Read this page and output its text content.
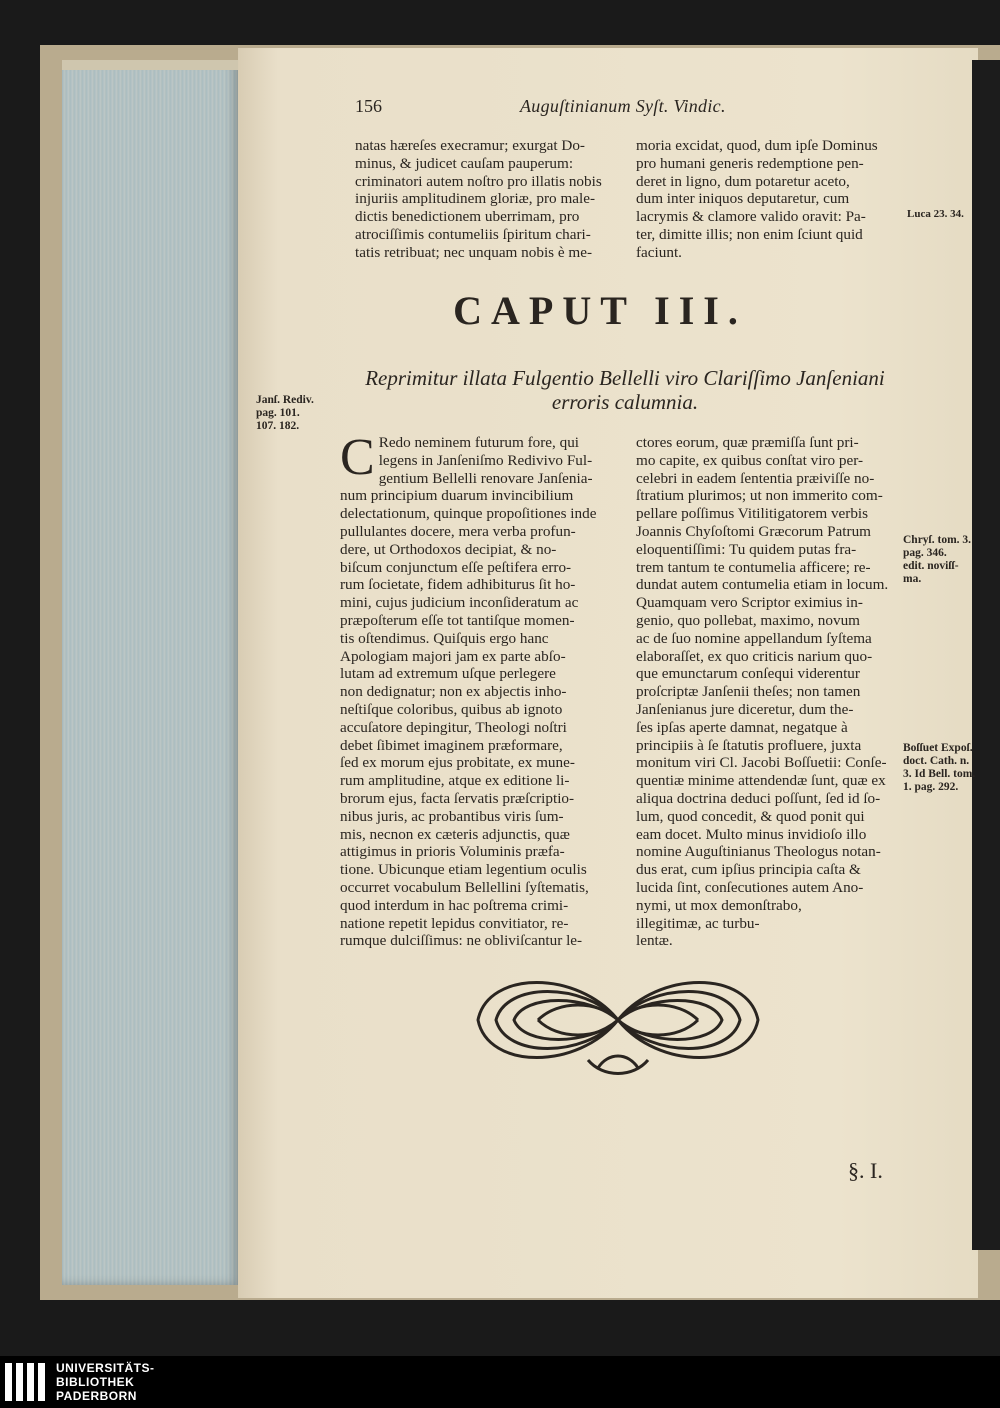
156	Auguſtinianum Syſt. Vindic.
natas hæreſes execramur; exurgat Do-
minus, & judicet cauſam pauperum:
criminatori autem noſtro pro illatis nobis
injuriis amplitudinem gloriæ, pro male-
dictis benedictionem uberrimam, pro
atrociſſimis contumeliis ſpiritum chari-
tatis retribuat; nec unquam nobis è me-
moria excidat, quod, dum ipſe Dominus
pro humani generis redemptione pen-
deret in ligno, dum potaretur aceto,
dum inter iniquos deputaretur, cum
lacrymis & clamore valido oravit: Pa-
ter, dimitte illis; non enim ſciunt quid
faciunt.
Luca 23. 34.
CAPUT III.
Reprimitur illata Fulgentio Bellelli viro Clariſſimo Janſeniani
erroris calumnia.
Janſ. Rediv.
pag. 101.
107. 182.
C Redo neminem futurum fore, qui
legens in Janſeniſmo Redivivo Ful-
gentium Bellelli renovare Janſenia-
num principium duarum invincibilium
delectationum, quinque propoſitiones inde
pullulantes docere, mera verba profun-
dere, ut Orthodoxos decipiat, & no-
biſcum conjunctum eſſe peſtifera erro-
rum ſocietate, fidem adhibiturus ſit ho-
mini, cujus judicium inconſideratum ac
præpoſterum eſſe tot tantiſque momen-
tis oſtendimus. Quiſquis ergo hanc
Apologiam majori jam ex parte abſo-
lutam ad extremum uſque perlegere
non dedignatur; non ex abjectis inho-
neſtiſque coloribus, quibus ab ignoto
accuſatore depingitur, Theologi noſtri
debet ſibimet imaginem præformare,
ſed ex morum ejus probitate, ex mune-
rum amplitudine, atque ex editione li-
brorum ejus, facta ſervatis præſcriptio-
nibus juris, ac probantibus viris ſum-
mis, necnon ex cæteris adjunctis, quæ
attigimus in prioris Voluminis præfa-
tione. Ubicunque etiam legentium oculis
occurret vocabulum Bellellini ſyſtematis,
quod interdum in hac poſtrema crimi-
natione repetit lepidus convitiator, re-
rumque dulciſſimus: ne obliviſcantur le-
ctores eorum, quæ præmiſſa ſunt pri-
mo capite, ex quibus conſtat viro per-
celebri in eadem ſententia præiviſſe no-
ſtratium plurimos; ut non immerito com-
pellare poſſimus Vitilitigatorem verbis
Joannis Chyſoſtomi Græcorum Patrum
eloquentiſſimi: Tu quidem putas fra-
trem tantum te contumelia afficere; re-
dundat autem contumelia etiam in locum.
Quamquam vero Scriptor eximius in-
genio, quo pollebat, maximo, novum
ac de ſuo nomine appellandum ſyſtema
elaboraſſet, ex quo criticis narium quo-
que emunctarum conſequi viderentur
proſcriptæ Janſenii theſes; non tamen
Janſenianus jure diceretur, dum the-
ſes ipſas aperte damnat, negatque à
principiis à ſe ſtatutis profluere, juxta
monitum viri Cl. Jacobi Boſſuetii: Conſe-
quentiæ minime attendendæ ſunt, quæ ex
aliqua doctrina deduci poſſunt, ſed id ſo-
lum, quod concedit, & quod ponit qui
eam docet. Multo minus invidioſo illo
nomine Auguſtinianus Theologus notan-
dus erat, cum ipſius principia caſta &
lucida ſint, conſecutiones autem Ano-
nymi, ut mox demonſtrabo,
illegitimæ, ac turbu-
lentæ.
Chryſ. tom. 3.
pag. 346.
edit. noviſſ-
ma.
Boſſuet Expoſ.
doct. Cath. n.
3. Id Bell. tom.
1. pag. 292.
§. I.
UNIVERSITÄTS-
BIBLIOTHEK
PADERBORN
